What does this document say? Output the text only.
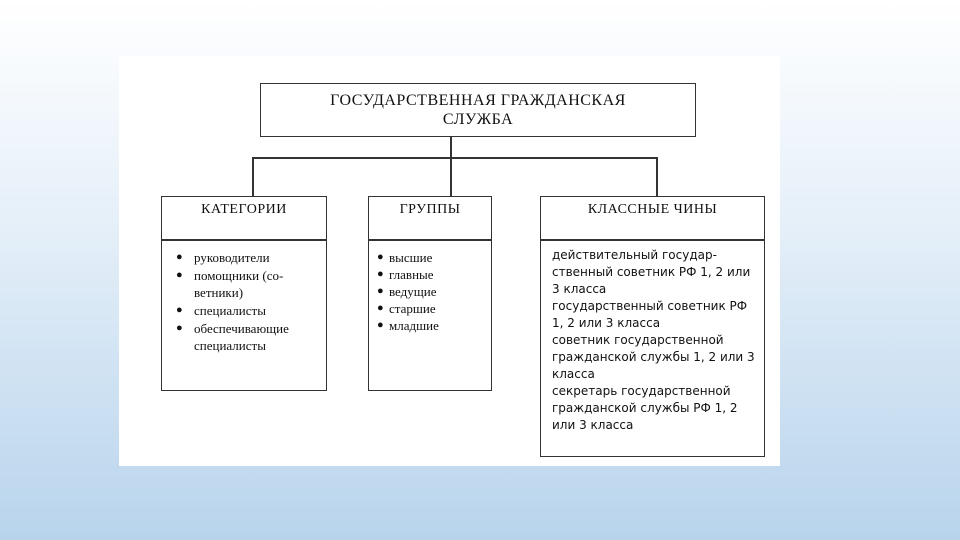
ГОСУДАРСТВЕННАЯ ГРАЖДАНСКАЯ СЛУЖБА
КАТЕГОРИИ
● руководители
● помощники (со-ветники)
● специалисты
● обеспечивающие специалисты
ГРУППЫ
● высшие
● главные
● ведущие
● старшие
● младшие
КЛАССНЫЕ ЧИНЫ
действительный государ-ственный советник РФ 1, 2 или 3 класса
государственный советник РФ 1, 2 или 3 класса
советник государственной гражданской службы 1, 2 или 3 класса
секретарь государственной гражданской службы РФ 1, 2 или 3 класса
